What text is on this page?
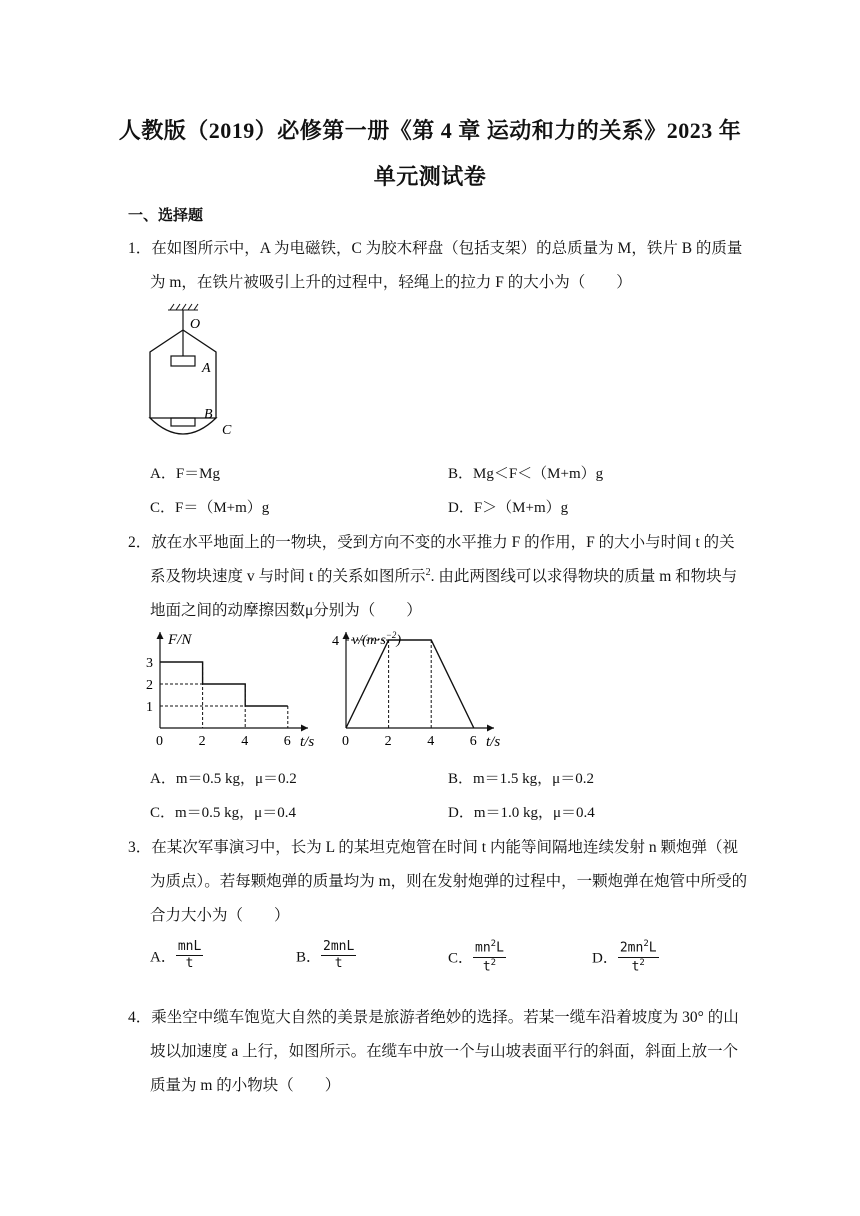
人教版（2019）必修第一册《第 4 章 运动和力的关系》2023 年
单元测试卷
一、选择题
1．在如图所示中，A 为电磁铁，C 为胶木秤盘（包括支架）的总质量为 M，铁片 B 的质量
为 m，在铁片被吸引上升的过程中，轻绳上的拉力 F 的大小为（　　）
O
A
B
C
A．F＝Mg	B．Mg＜F＜（M+m）g
C．F＝（M+m）g	D．F＞（M+m）g
2．放在水平地面上的一物块，受到方向不变的水平推力 F 的作用，F 的大小与时间 t 的关
系及物块速度 v 与时间 t 的关系如图所示$^2$. 由此两图线可以求得物块的质量 m 和物块与
地面之间的动摩擦因数μ分别为（　　）
0	2	4	6
1
2
3
F/N
t/s 0	2	4	6
4 $v/(m\cdot s^{-2})$
t/s
A．m＝0.5 kg，μ＝0.2	B．m＝1.5 kg，μ＝0.2
C．m＝0.5 kg，μ＝0.4	D．m＝1.0 kg，μ＝0.4
3．在某次军事演习中，长为 L 的某坦克炮管在时间 t 内能等间隔地连续发射 n 颗炮弹（视
为质点）。若每颗炮弹的质量均为 m，则在发射炮弹的过程中，一颗炮弹在炮管中所受的
合力大小为（　　）
A． $\frac{\text{mnL}}{t}$	B． $\frac{\text{2mnL}}{t}$	C． $\frac{mn^2L}{t^2}$	D． $\frac{2mn^2L}{t^2}$
4．乘坐空中缆车饱览大自然的美景是旅游者绝妙的选择。若某一缆车沿着坡度为 30° 的山
坡以加速度 a 上行，如图所示。在缆车中放一个与山坡表面平行的斜面，斜面上放一个
质量为 m 的小物块（　　）
